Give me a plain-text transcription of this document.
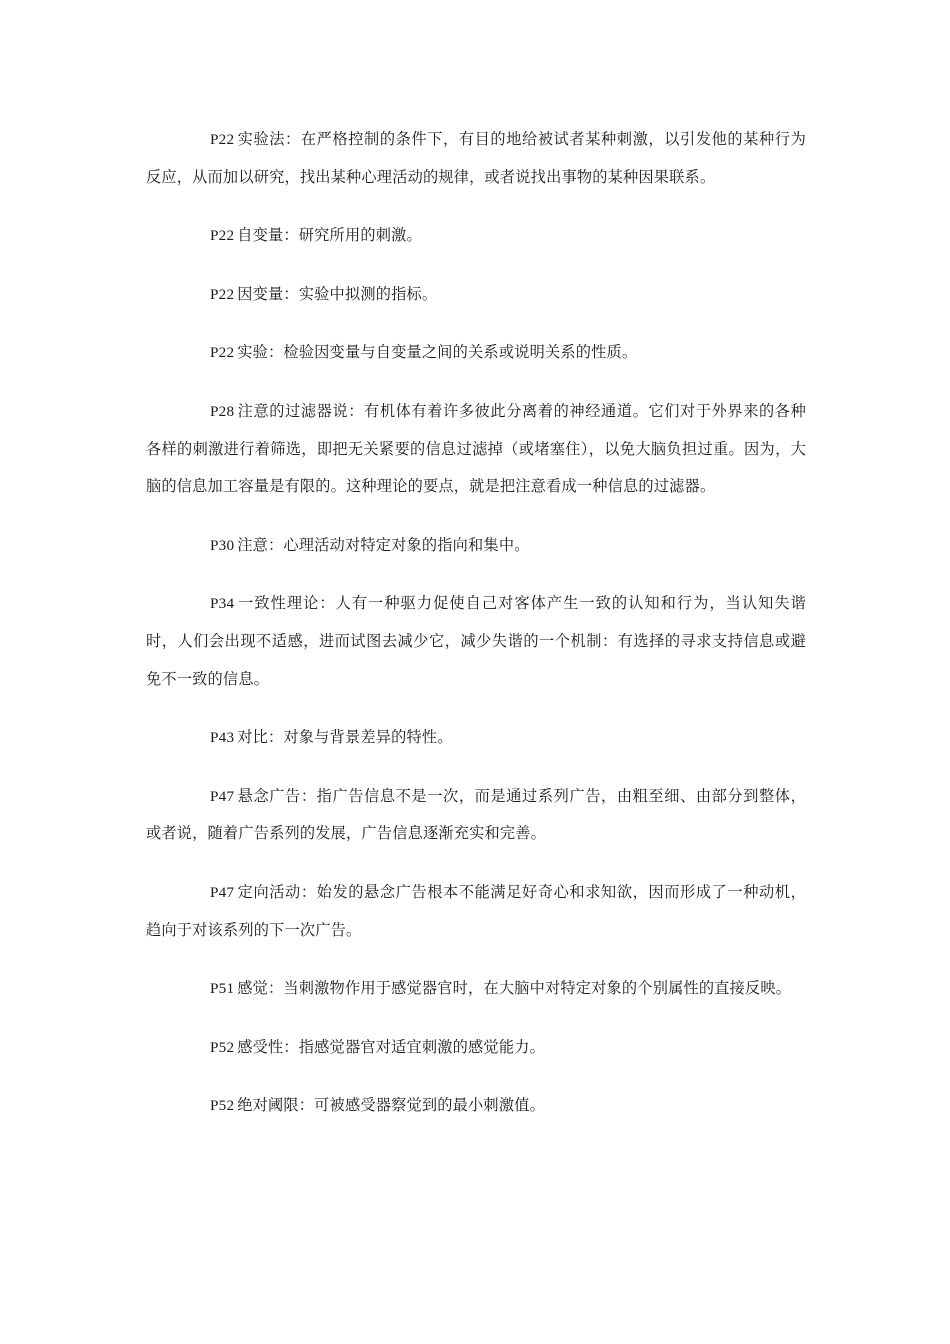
P22 实验法：在严格控制的条件下，有目的地给被试者某种刺激，以引发他的某种行为反应，从而加以研究，找出某种心理活动的规律，或者说找出事物的某种因果联系。

P22 自变量：研究所用的刺激。

P22 因变量：实验中拟测的指标。

P22 实验：检验因变量与自变量之间的关系或说明关系的性质。

P28 注意的过滤器说：有机体有着许多彼此分离着的神经通道。它们对于外界来的各种各样的刺激进行着筛选，即把无关紧要的信息过滤掉（或堵塞住），以免大脑负担过重。因为，大脑的信息加工容量是有限的。这种理论的要点，就是把注意看成一种信息的过滤器。

P30 注意：心理活动对特定对象的指向和集中。

P34 一致性理论：人有一种驱力促使自己对客体产生一致的认知和行为，当认知失谐时，人们会出现不适感，进而试图去减少它，减少失谐的一个机制：有选择的寻求支持信息或避免不一致的信息。

P43 对比：对象与背景差异的特性。

P47 悬念广告：指广告信息不是一次，而是通过系列广告，由粗至细、由部分到整体，或者说，随着广告系列的发展，广告信息逐渐充实和完善。

P47 定向活动：始发的悬念广告根本不能满足好奇心和求知欲，因而形成了一种动机，趋向于对该系列的下一次广告。

P51 感觉：当刺激物作用于感觉器官时，在大脑中对特定对象的个别属性的直接反映。

P52 感受性：指感觉器官对适宜刺激的感觉能力。

P52 绝对阈限：可被感受器察觉到的最小刺激值。
